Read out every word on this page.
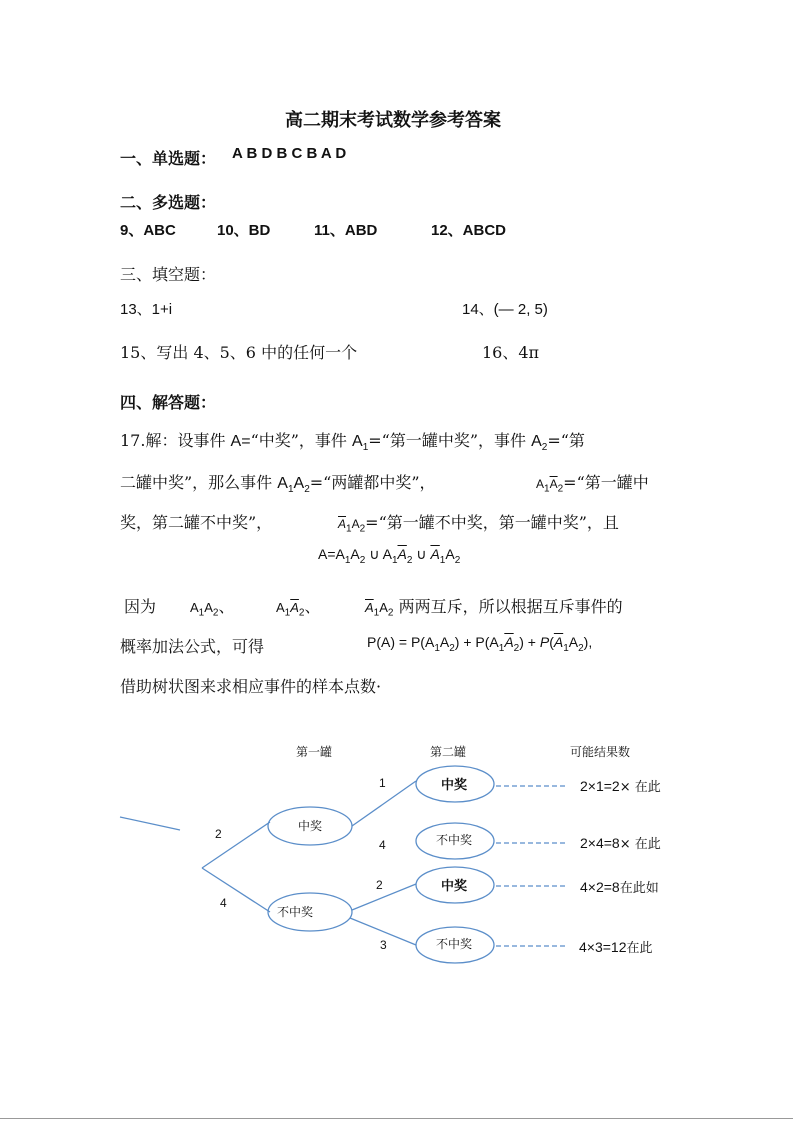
高二期末考试数学参考答案
一、单选题： A B D B C B A D
二、多选题：
9、ABC	10、BD	11、ABD	12、ABCD
三、填空题：
13、1+i	14、(— 2, 5)
15、写出 4、5、6 中的任何一个	16、4π
四、解答题：
17.解：设事件 A=“中奖”，事件 $A_1=“$第一罐中奖”，事件 $A_2=“$第
二罐中奖”，那么事件 $A_1A_2=“$两罐都中奖”，	$A_1\overline{A}_2=“$第一罐中
奖，第二罐不中奖”，	$\overline{A}_1A_2=“$第一罐不中奖，第一罐中奖”，且
$A=A_1A_2$ ∪ $A_1\overline{A}_2$ ∪ $\overline{A}_1A_2$
因为	$A_1A_2$、	$A_1\overline{A}_2$、	$\overline{A}_1A_2$ 两两互斥，所以根据互斥事件的
概率加法公式，可得	$P(A) = P(A_1A_2) + P(A_1\overline{A}_2) + P(\overline{A}_1A_2)$,
借助树状图来求相应事件的样本点数·
第一罐	第二罐	可能结果数
中奖
不中奖
中奖
不中奖
中奖
不中奖
2
4
1
4
2
3
2×1=2× 在此
2×4=8× 在此
4×2=8在此如
4×3=12在此
